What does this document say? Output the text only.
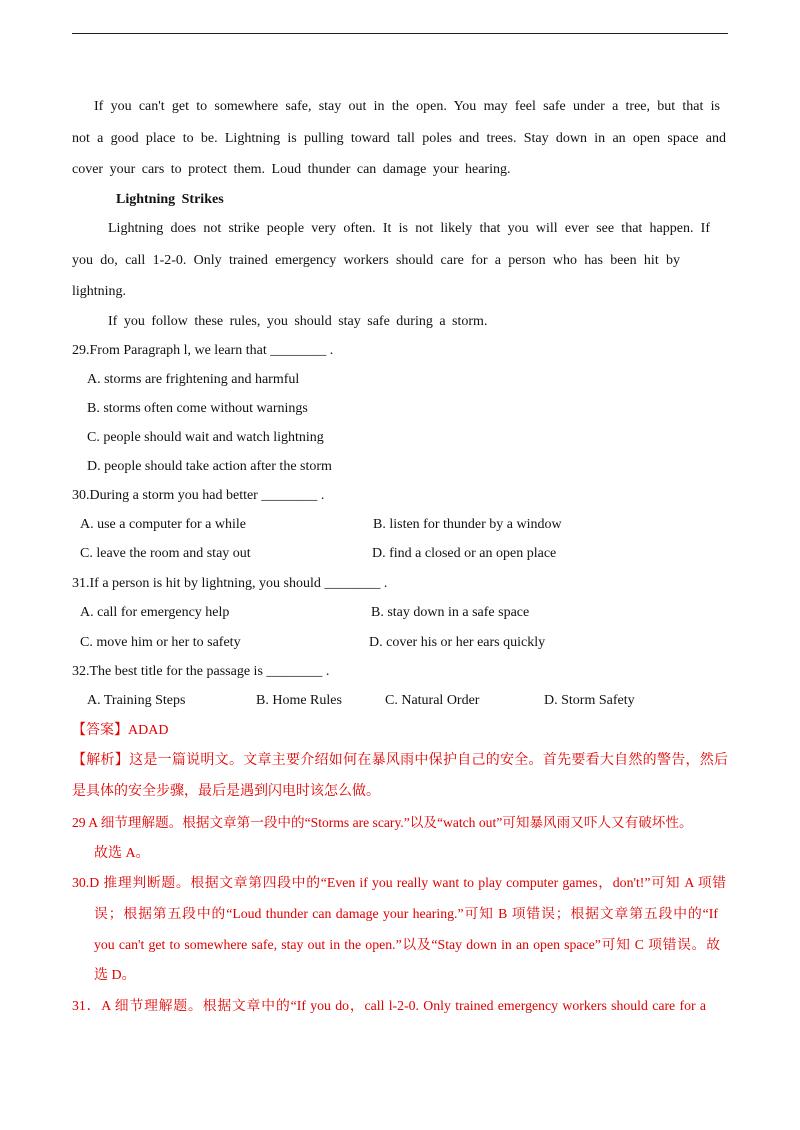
If you can't get to somewhere safe, stay out in the open. You may feel safe under a tree, but that is
not a good place to be. Lightning is pulling toward tall poles and trees. Stay down in an open space and
cover your cars to protect them. Loud thunder can damage your hearing.
Lightning Strikes
Lightning does not strike people very often. It is not likely that you will ever see that happen. If
you do, call 1-2-0. Only trained emergency workers should care for a person who has been hit by
lightning.
If you follow these rules, you should stay safe during a storm.
29.From Paragraph l, we learn that ________ .
A. storms are frightening and harmful
B. storms often come without warnings
C. people should wait and watch lightning
D. people should take action after the storm
30.During a storm you had better ________ .
A. use a computer for a while	B. listen for thunder by a window
C. leave the room and stay out	D. find a closed or an open place
31.If a person is hit by lightning, you should ________ .
A. call for emergency help	B. stay down in a safe space
C. move him or her to safety	D. cover his or her ears quickly
32.The best title for the passage is ________ .
A. Training Steps	B. Home Rules	C. Natural Order	D. Storm Safety
【答案】ADAD
【解析】这是一篇说明文。文章主要介绍如何在暴风雨中保护自己的安全。首先要看大自然的警告，然后
是具体的安全步骤，最后是遇到闪电时该怎么做。
29 A 细节理解题。根据文章第一段中的“Storms are scary.”以及“watch out”可知暴风雨又吓人又有破坏性。
故选 A。
30.D 推理判断题。根据文章第四段中的“Even if you really want to play computer games，don't!”可知 A 项错
误；根据第五段中的“Loud thunder can damage your hearing.”可知 B 项错误；根据文章第五段中的“If
you can't get to somewhere safe, stay out in the open.”以及“Stay down in an open space”可知 C 项错误。故
选 D。
31．A 细节理解题。根据文章中的“If you do，call l-2-0. Only trained emergency workers should care for a
